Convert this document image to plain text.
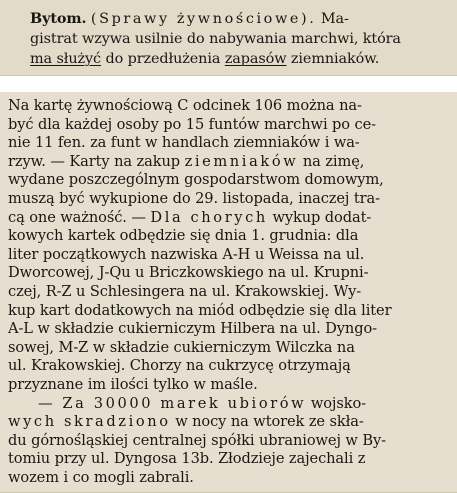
Bytom. (Sprawy żywnościowe). Ma-
gistrat wzywa usilnie do nabywania marchwi, która
ma służyć do przedłużenia zapasów ziemniaków.
Na kartę żywnościową C odcinek 106 można na-
być dla każdej osoby po 15 funtów marchwi po ce-
nie 11 fen. za funt w handlach ziemniaków i wa-
rzyw. — Karty na zakup ziemniaków na zimę,
wydane poszczególnym gospodarstwom domowym,
muszą być wykupione do 29. listopada, inaczej tra-
cą one ważność. — Dla chorych wykup dodat-
kowych kartek odbędzie się dnia 1. grudnia: dla
liter początkowych nazwiska A-H u Weissa na ul.
Dworcowej, J-Qu u Briczkowskiego na ul. Krupni-
czej, R-Z u Schlesingera na ul. Krakowskiej. Wy-
kup kart dodatkowych na miód odbędzie się dla liter
A-L w składzie cukierniczym Hilbera na ul. Dyngo-
sowej, M-Z w składzie cukierniczym Wilczka na
ul. Krakowskiej. Chorzy na cukrzycę otrzymają
przyznane im ilości tylko w maśle.
— Za 30000 marek ubiorów wojsko-
wych skradziono w nocy na wtorek ze skła-
du górnośląskiej centralnej spółki ubraniowej w By-
tomiu przy ul. Dyngosa 13b. Złodzieje zajechali z
wozem i co mogli zabrali.
